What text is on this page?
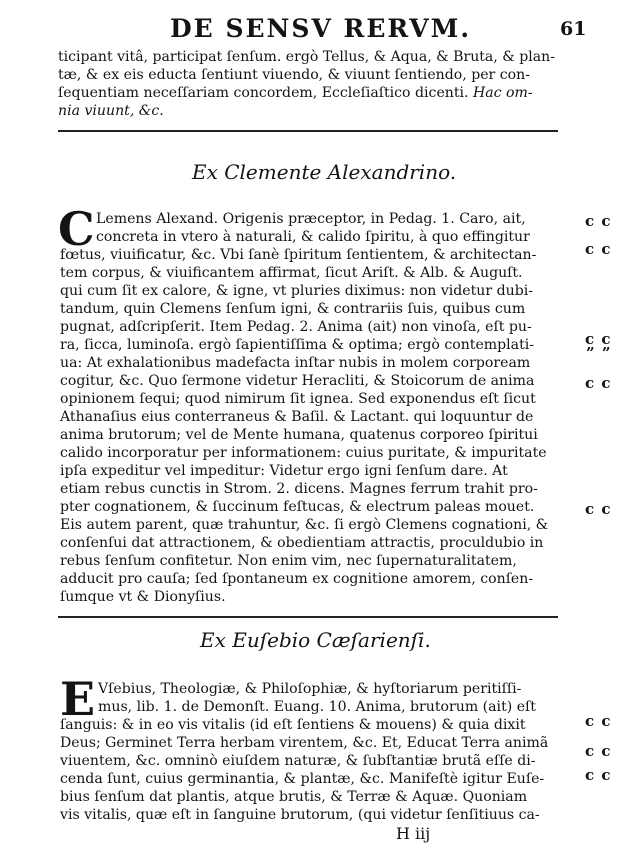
DE SENSV RERVM.	61
ticipant vitâ, participat ſenſum. ergò Tellus, & Aqua, & Bruta, & plan-
tæ, & ex eis educta ſentiunt viuendo, & viuunt ſentiendo, per con-
ſequentiam neceſſariam concordem, Eccleſiaſtico dicenti. Hac om-
nia viuunt, &c.
Ex Clemente Alexandrino.
C Lemens Alexand. Origenis præceptor, in Pedag. 1. Caro, ait,
concreta in vtero à naturali, & calido ſpiritu, à quo effingitur
fœtus, viuificatur, &c. Vbi ſanè ſpiritum ſentientem, & architectan-
tem corpus, & viuificantem affirmat, ſicut Ariſt. & Alb. & Auguſt.
qui cum ſit ex calore, & igne, vt pluries diximus: non videtur dubi-
tandum, quin Clemens ſenſum igni, & contrariis ſuis, quibus cum
pugnat, adſcripſerit. Item Pedag. 2. Anima (ait) non vinoſa, eſt pu-
ra, ſicca, luminoſa. ergò ſapientiſſima & optima; ergò contemplati-
ua: At exhalationibus madefacta inſtar nubis in molem corpoream
cogitur, &c. Quo ſermone videtur Heracliti, & Stoicorum de anima
opinionem ſequi; quod nimirum ſit ignea. Sed exponendus eſt ſicut
Athanaſius eius conterraneus & Baſil. & Lactant. qui loquuntur de
anima brutorum; vel de Mente humana, quatenus corporeo ſpiritui
calido incorporatur per informationem: cuius puritate, & impuritate
ipſa expeditur vel impeditur: Videtur ergo igni ſenſum dare. At
etiam rebus cunctis in Strom. 2. dicens. Magnes ferrum trahit pro-
pter cognationem, & ſuccinum feſtucas, & electrum paleas mouet.
Eis autem parent, quæ trahuntur, &c. ſi ergò Clemens cognationi, &
conſenſui dat attractionem, & obedientiam attractis, proculdubio in
rebus ſenſum confitetur. Non enim vim, nec ſupernaturalitatem,
adducit pro cauſa; ſed ſpontaneum ex cognitione amorem, conſen-
ſumque vt & Dionyſius.
Ex Euſebio Cæſarienſi.
E Vſebius, Theologiæ, & Philoſophiæ, & hyſtoriarum peritiſſi-
mus, lib. 1. de Demonſt. Euang. 10. Anima, brutorum (ait) eſt
ſanguis: & in eo vis vitalis (id eſt ſentiens & mouens) & quia dixit
Deus; Germinet Terra herbam virentem, &c. Et, Educat Terra animã
viuentem, &c. omninò eiuſdem naturæ, & ſubſtantiæ brutã eſſe di-
cenda ſunt, cuius germinantia, & plantæ, &c. Manifeſtè igitur Euſe-
bius ſenſum dat plantis, atque brutis, & Terræ & Aquæ. Quoniam
vis vitalis, quæ eſt in ſanguine brutorum, (qui videtur ſenſitiuus ca-
c c
c c
c c
” ”
c c
c c
c c
c c
c c
H iij
